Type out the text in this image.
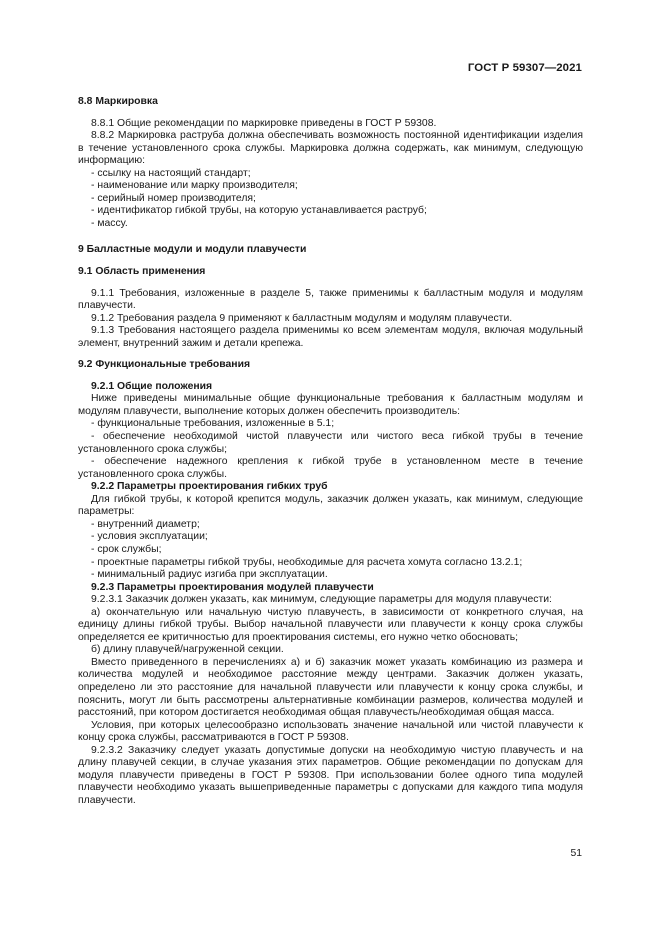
ГОСТ Р 59307—2021

8.8 Маркировка

8.8.1 Общие рекомендации по маркировке приведены в ГОСТ Р 59308.

8.8.2 Маркировка раструба должна обеспечивать возможность постоянной идентификации изделия в течение установленного срока службы. Маркировка должна содержать, как минимум, следующую информацию:

- ссылку на настоящий стандарт;

- наименование или марку производителя;

- серийный номер производителя;

- идентификатор гибкой трубы, на которую устанавливается раструб;

- массу.

9 Балластные модули и модули плавучести

9.1 Область применения

9.1.1 Требования, изложенные в разделе 5, также применимы к балластным модуля и модулям плавучести.

9.1.2 Требования раздела 9 применяют к балластным модулям и модулям плавучести.

9.1.3 Требования настоящего раздела применимы ко всем элементам модуля, включая модульный элемент, внутренний зажим и детали крепежа.

9.2 Функциональные требования

9.2.1 Общие положения

Ниже приведены минимальные общие функциональные требования к балластным модулям и модулям плавучести, выполнение которых должен обеспечить производитель:

- функциональные требования, изложенные в 5.1;

- обеспечение необходимой чистой плавучести или чистого веса гибкой трубы в течение установленного срока службы;

- обеспечение надежного крепления к гибкой трубе в установленном месте в течение установленного срока службы.

9.2.2 Параметры проектирования гибких труб

Для гибкой трубы, к которой крепится модуль, заказчик должен указать, как минимум, следующие параметры:

- внутренний диаметр;

- условия эксплуатации;

- срок службы;

- проектные параметры гибкой трубы, необходимые для расчета хомута согласно 13.2.1;

- минимальный радиус изгиба при эксплуатации.

9.2.3 Параметры проектирования модулей плавучести

9.2.3.1 Заказчик должен указать, как минимум, следующие параметры для модуля плавучести:

а) окончательную или начальную чистую плавучесть, в зависимости от конкретного случая, на единицу длины гибкой трубы. Выбор начальной плавучести или плавучести к концу срока службы определяется ее критичностью для проектирования системы, его нужно четко обосновать;

б) длину плавучей/нагруженной секции.

Вместо приведенного в перечислениях а) и б) заказчик может указать комбинацию из размера и количества модулей и необходимое расстояние между центрами. Заказчик должен указать, определено ли это расстояние для начальной плавучести или плавучести к концу срока службы, и пояснить, могут ли быть рассмотрены альтернативные комбинации размеров, количества модулей и расстояний, при котором достигается необходимая общая плавучесть/необходимая общая масса.

Условия, при которых целесообразно использовать значение начальной или чистой плавучести к концу срока службы, рассматриваются в ГОСТ Р 59308.

9.2.3.2 Заказчику следует указать допустимые допуски на необходимую чистую плавучесть и на длину плавучей секции, в случае указания этих параметров. Общие рекомендации по допускам для модуля плавучести приведены в ГОСТ Р 59308. При использовании более одного типа модулей плавучести необходимо указать вышеприведенные параметры с допусками для каждого типа модуля плавучести.

51
